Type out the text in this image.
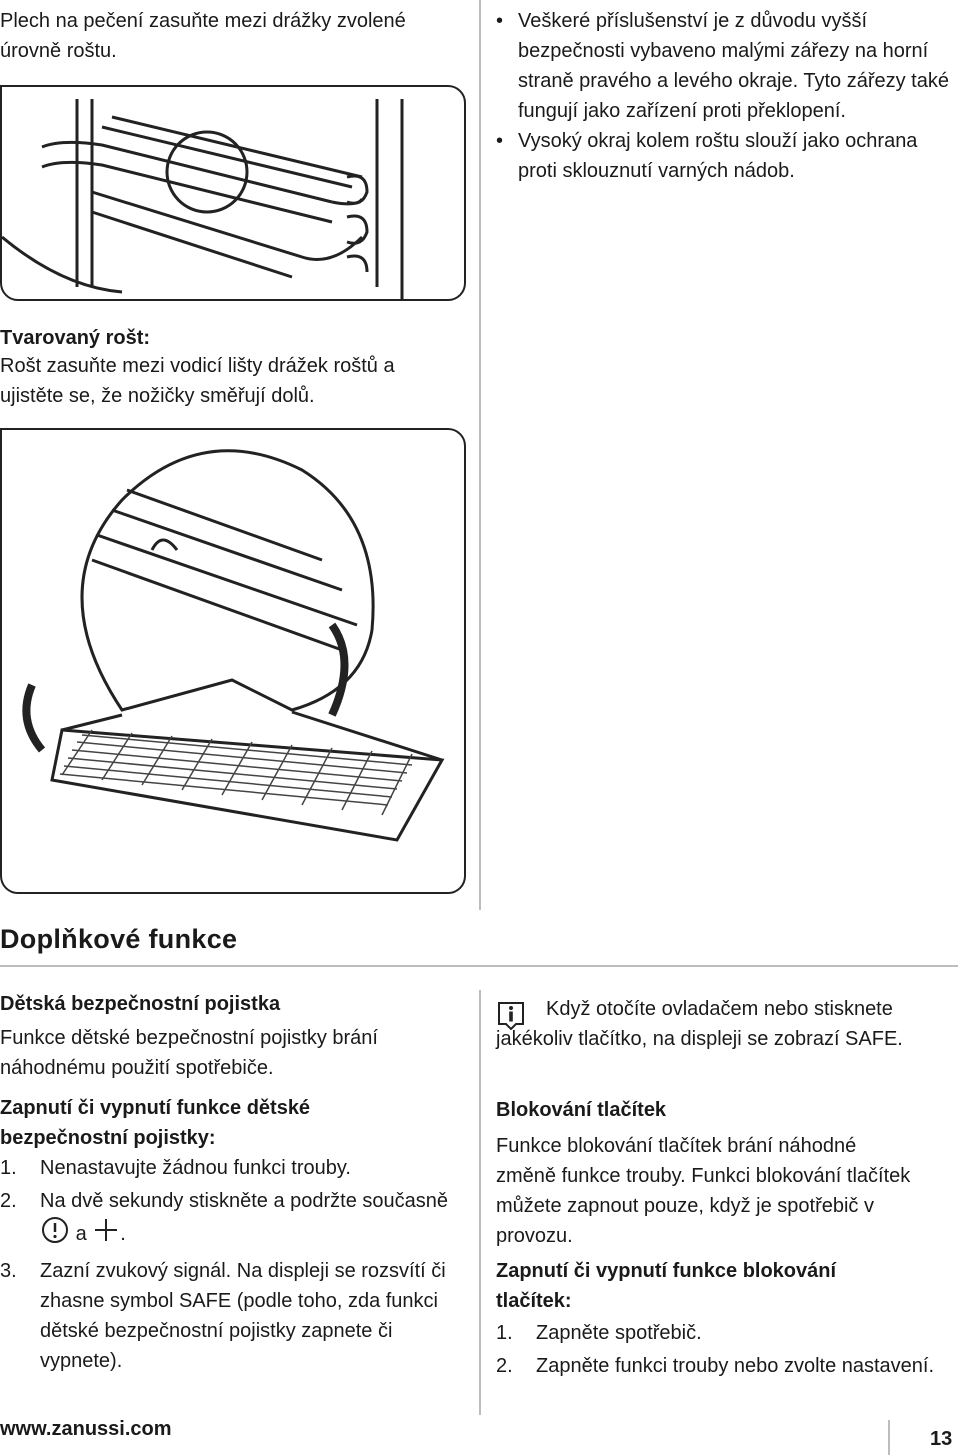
Plech na pečení zasuňte mezi drážky zvolené úrovně roštu.
• Veškeré příslušenství je z důvodu vyšší bezpečnosti vybaveno malými zářezy na horní straně pravého a levého okraje. Tyto zářezy také fungují jako zařízení proti překlopení.
• Vysoký okraj kolem roštu slouží jako ochrana proti sklouznutí varných nádob.
Tvarovaný rošt:
Rošt zasuňte mezi vodicí lišty drážek roštů a ujistěte se, že nožičky směřují dolů.
Doplňkové funkce
Dětská bezpečnostní pojistka
Funkce dětské bezpečnostní pojistky brání náhodnému použití spotřebiče.
Zapnutí či vypnutí funkce dětské bezpečnostní pojistky:
1.	Nenastavujte žádnou funkci trouby.
2.	Na dvě sekundy stiskněte a podržte současně  a .
3.	Zazní zvukový signál. Na displeji se rozsvítí či zhasne symbol SAFE (podle toho, zda funkci dětské bezpečnostní pojistky zapnete či vypnete).
Když otočíte ovladačem nebo stisknete jakékoliv tlačítko, na displeji se zobrazí SAFE.
Blokování tlačítek
Funkce blokování tlačítek brání náhodné změně funkce trouby. Funkci blokování tlačítek můžete zapnout pouze, když je spotřebič v provozu.
Zapnutí či vypnutí funkce blokování tlačítek:
1.	Zapněte spotřebič.
2.	Zapněte funkci trouby nebo zvolte nastavení.
www.zanussi.com	13
